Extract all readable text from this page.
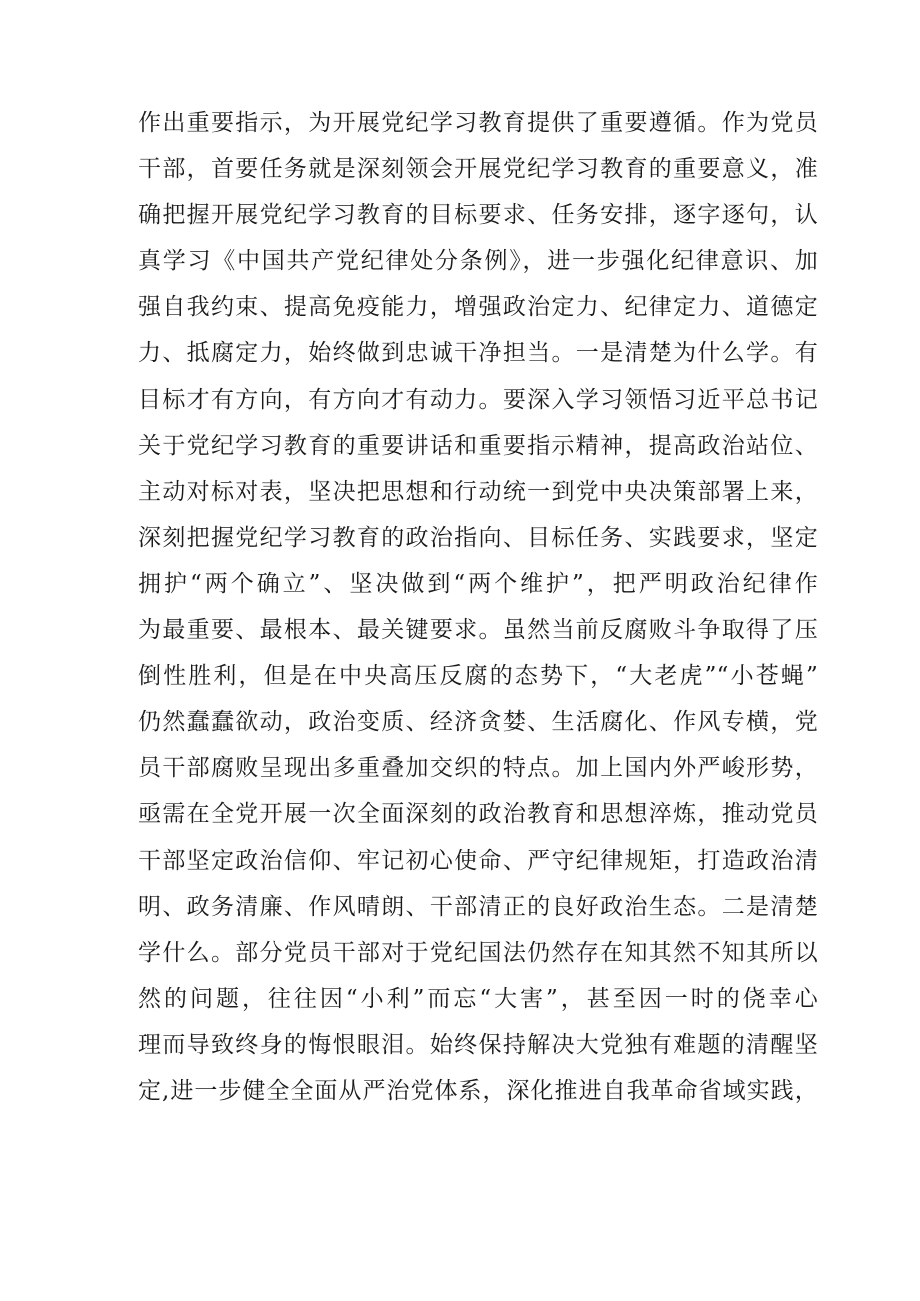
作出重要指示，为开展党纪学习教育提供了重要遵循。作为党员
干部，首要任务就是深刻领会开展党纪学习教育的重要意义，准
确把握开展党纪学习教育的目标要求、任务安排，逐字逐句，认
真学习《中国共产党纪律处分条例》，进一步强化纪律意识、加
强自我约束、提高免疫能力，增强政治定力、纪律定力、道德定
力、抵腐定力，始终做到忠诚干净担当。一是清楚为什么学。有
目标才有方向，有方向才有动力。要深入学习领悟习近平总书记
关于党纪学习教育的重要讲话和重要指示精神，提高政治站位、
主动对标对表，坚决把思想和行动统一到党中央决策部署上来，
深刻把握党纪学习教育的政治指向、目标任务、实践要求，坚定
拥护“两个确立”、坚决做到“两个维护”，把严明政治纪律作
为最重要、最根本、最关键要求。虽然当前反腐败斗争取得了压
倒性胜利，但是在中央高压反腐的态势下，“大老虎”“小苍蝇”
仍然蠢蠢欲动，政治变质、经济贪婪、生活腐化、作风专横，党
员干部腐败呈现出多重叠加交织的特点。加上国内外严峻形势，
亟需在全党开展一次全面深刻的政治教育和思想淬炼，推动党员
干部坚定政治信仰、牢记初心使命、严守纪律规矩，打造政治清
明、政务清廉、作风晴朗、干部清正的良好政治生态。二是清楚
学什么。部分党员干部对于党纪国法仍然存在知其然不知其所以
然的问题，往往因“小利”而忘“大害”，甚至因一时的侥幸心
理而导致终身的悔恨眼泪。始终保持解决大党独有难题的清醒坚
定,进一步健全全面从严治党体系，深化推进自我革命省域实践，
